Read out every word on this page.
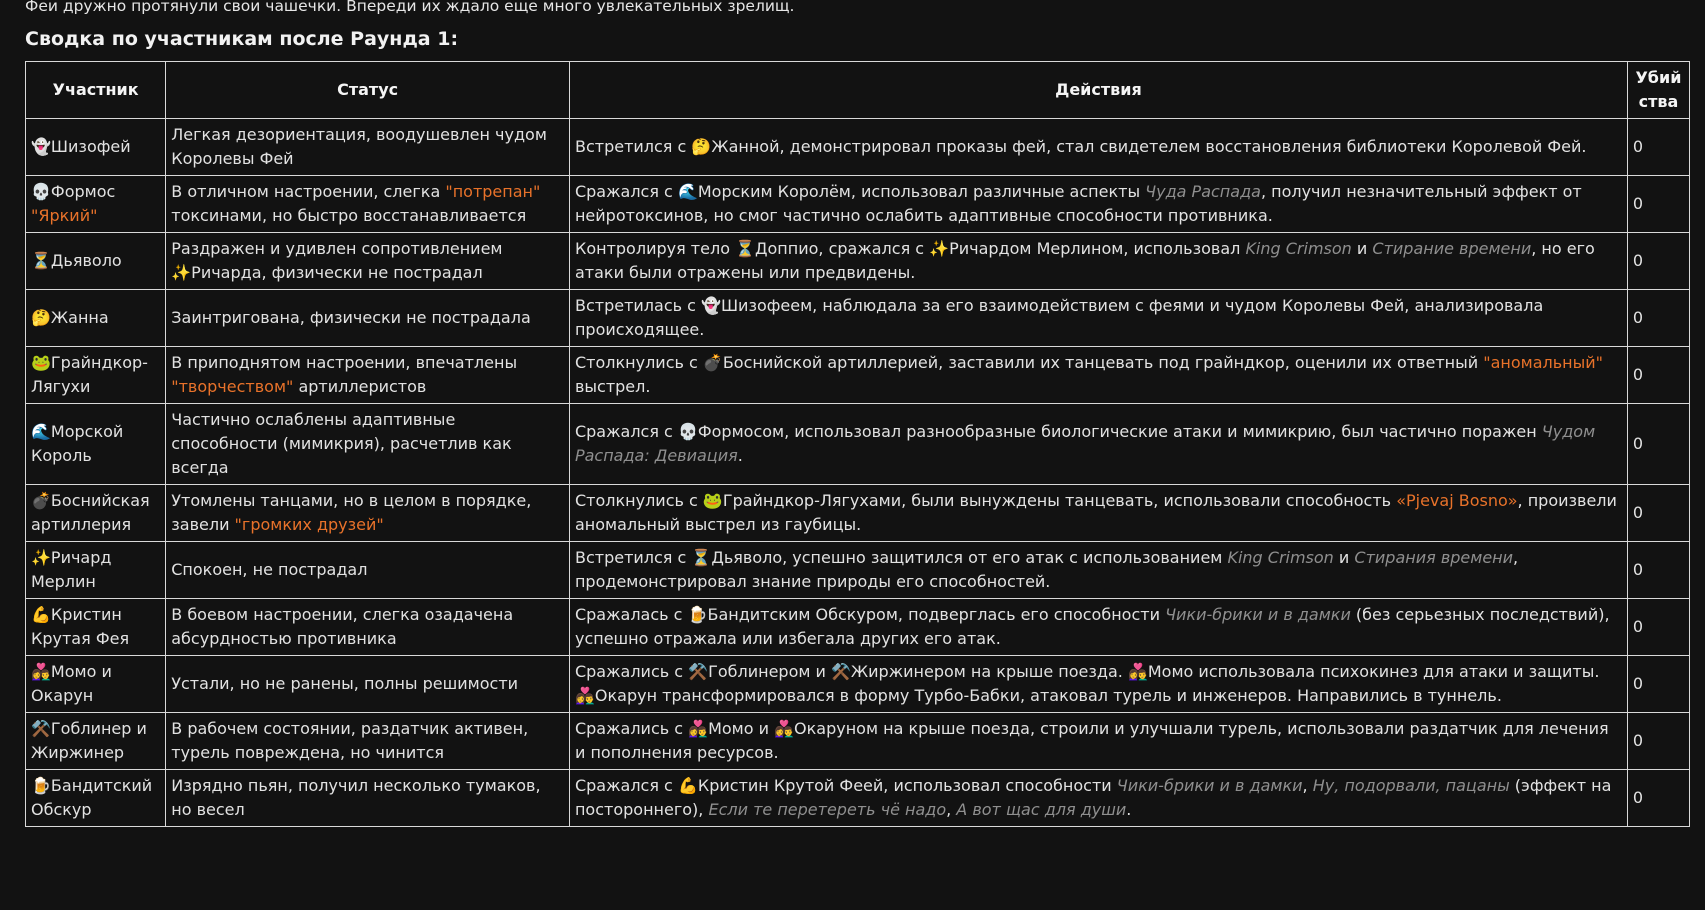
Феи дружно протянули свои чашечки. Впереди их ждало еще много увлекательных зрелищ.
Сводка по участникам после Раунда 1:
Участник	Статус	Действия	Убий
ства
👻Шизофей	Легкая дезориентация, воодушевлен чудом Королевы Фей	Встретился с 🤔Жанной, демонстрировал проказы фей, стал свидетелем восстановления библиотеки Королевой Фей.	0
💀Формос "Яркий"	В отличном настроении, слегка "потрепан" токсинами, но быстро восстанавливается	Сражался с 🌊Морским Королём, использовал различные аспекты Чуда Распада, получил незначительный эффект от нейротоксинов, но смог частично ослабить адаптивные способности противника.	0
⏳Дьяволо	Раздражен и удивлен сопротивлением ✨Ричарда, физически не пострадал	Контролируя тело ⏳Доппио, сражался с ✨Ричардом Мерлином, использовал King Crimson и Стирание времени, но его атаки были отражены или предвидены.	0
🤔Жанна	Заинтригована, физически не пострадала	Встретилась с 👻Шизофеем, наблюдала за его взаимодействием с феями и чудом Королевы Фей, анализировала происходящее.	0
🐸Грайндкор-Лягухи	В приподнятом настроении, впечатлены "творчеством" артиллеристов	Столкнулись с 💣Боснийской артиллерией, заставили их танцевать под грайндкор, оценили их ответный "аномальный" выстрел.	0
🌊Морской Король	Частично ослаблены адаптивные способности (мимикрия), расчетлив как всегда	Сражался с 💀Формосом, использовал разнообразные биологические атаки и мимикрию, был частично поражен Чудом Распада: Девиация.	0
💣Боснийская артиллерия	Утомлены танцами, но в целом в порядке, завели "громких друзей"	Столкнулись с 🐸Грайндкор-Лягухами, были вынуждены танцевать, использовали способность «Pjevaj Bosno», произвели аномальный выстрел из гаубицы.	0
✨Ричард Мерлин	Спокоен, не пострадал	Встретился с ⏳Дьяволо, успешно защитился от его атак с использованием King Crimson и Стирания времени, продемонстрировал знание природы его способностей.	0
💪Кристин Крутая Фея	В боевом настроении, слегка озадачена абсурдностью противника	Сражалась с 🍺Бандитским Обскуром, подверглась его способности Чики-брики и в дамки (без серьезных последствий), успешно отражала или избегала других его атак.	0
👩‍❤️‍👨Момо и Окарун	Устали, но не ранены, полны решимости	Сражались с ⚒️Гоблинером и ⚒️Жиржинером на крыше поезда. 👩‍❤️‍👨Момо использовала психокинез для атаки и защиты. 👩‍❤️‍👨Окарун трансформировался в форму Турбо-Бабки, атаковал турель и инженеров. Направились в туннель.	0
⚒️Гоблинер и Жиржинер	В рабочем состоянии, раздатчик активен, турель повреждена, но чинится	Сражались с 👩‍❤️‍👨Момо и 👩‍❤️‍👨Окаруном на крыше поезда, строили и улучшали турель, использовали раздатчик для лечения и пополнения ресурсов.	0
🍺Бандитский Обскур	Изрядно пьян, получил несколько тумаков, но весел	Сражался с 💪Кристин Крутой Феей, использовал способности Чики-брики и в дамки, Ну, подорвали, пацаны (эффект на постороннего), Если те перетереть чё надо, А вот щас для души.	0
